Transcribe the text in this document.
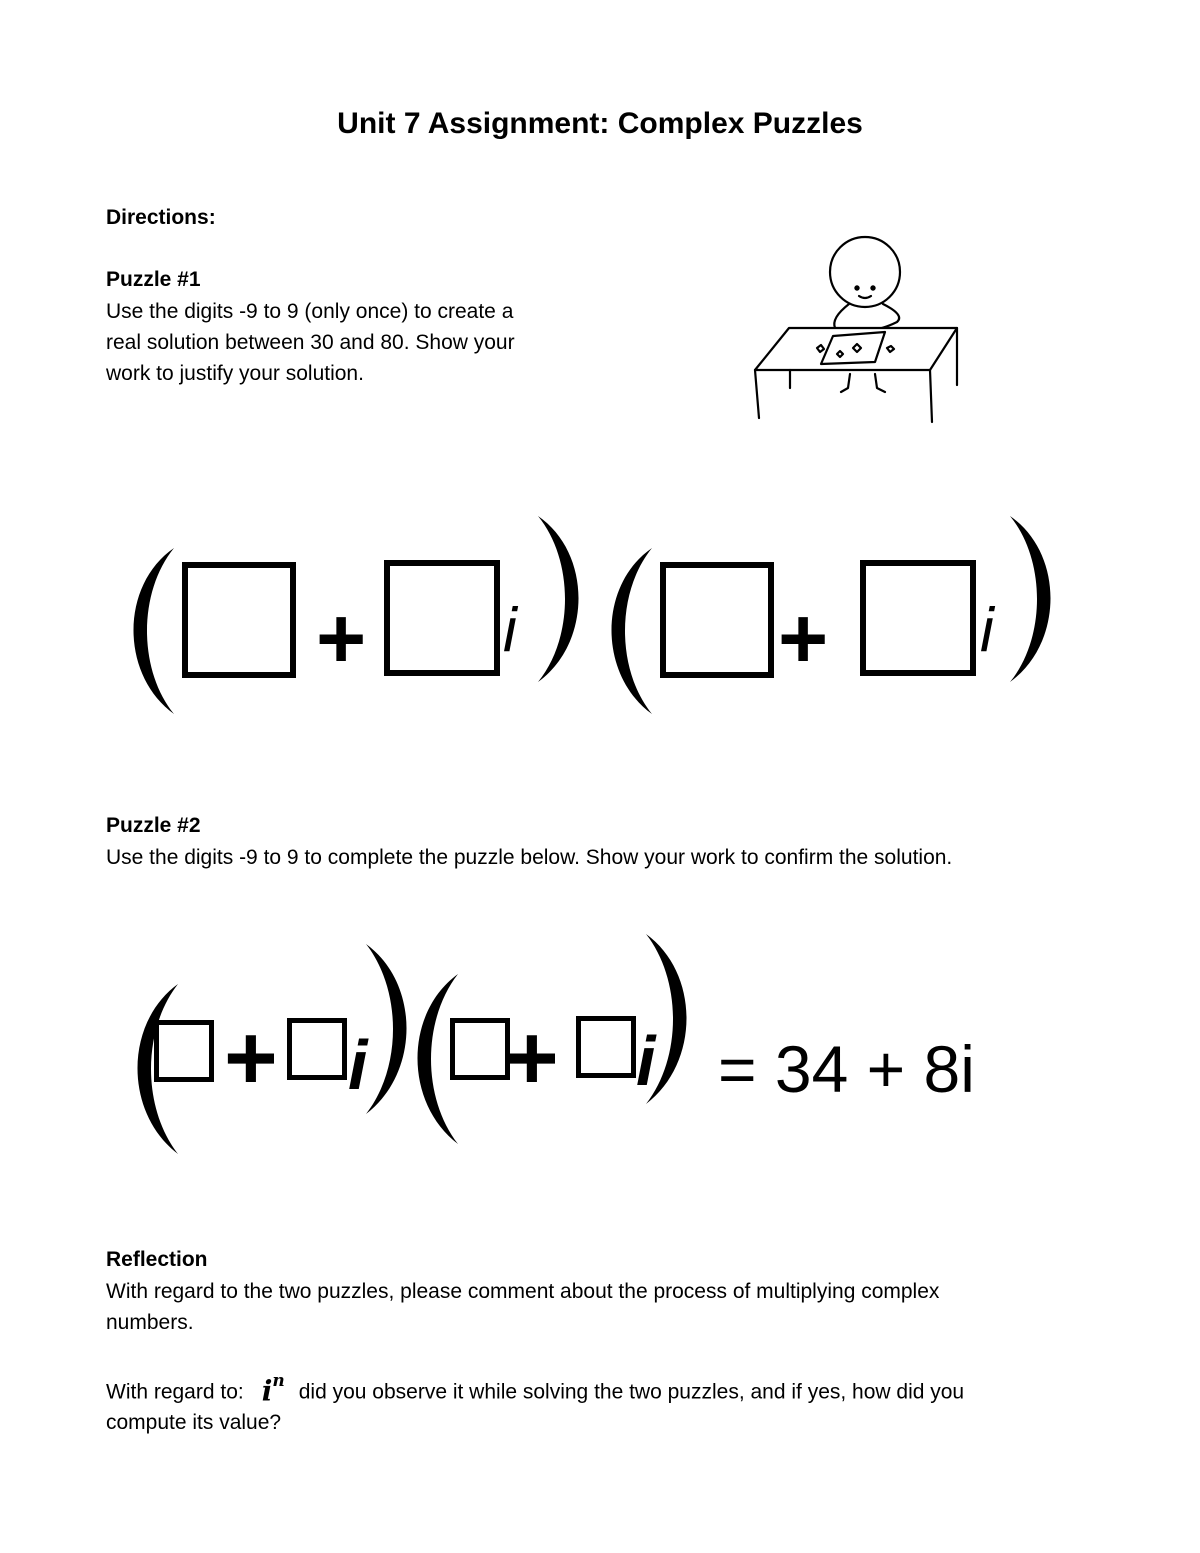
Unit 7 Assignment: Complex Puzzles
Directions:
Puzzle #1
Use the digits -9 to 9 (only once) to create a
real solution between 30 and 80. Show your
work to justify your solution.
+ i	+ i
Puzzle #2
Use the digits -9 to 9 to complete the puzzle below. Show your work to confirm the solution.
+ i + i = 34 + 8i
Reflection
With regard to the two puzzles, please comment about the process of multiplying complex
numbers.
With regard to: $i^n$ did you observe it while solving the two puzzles, and if yes, how did you
compute its value?
